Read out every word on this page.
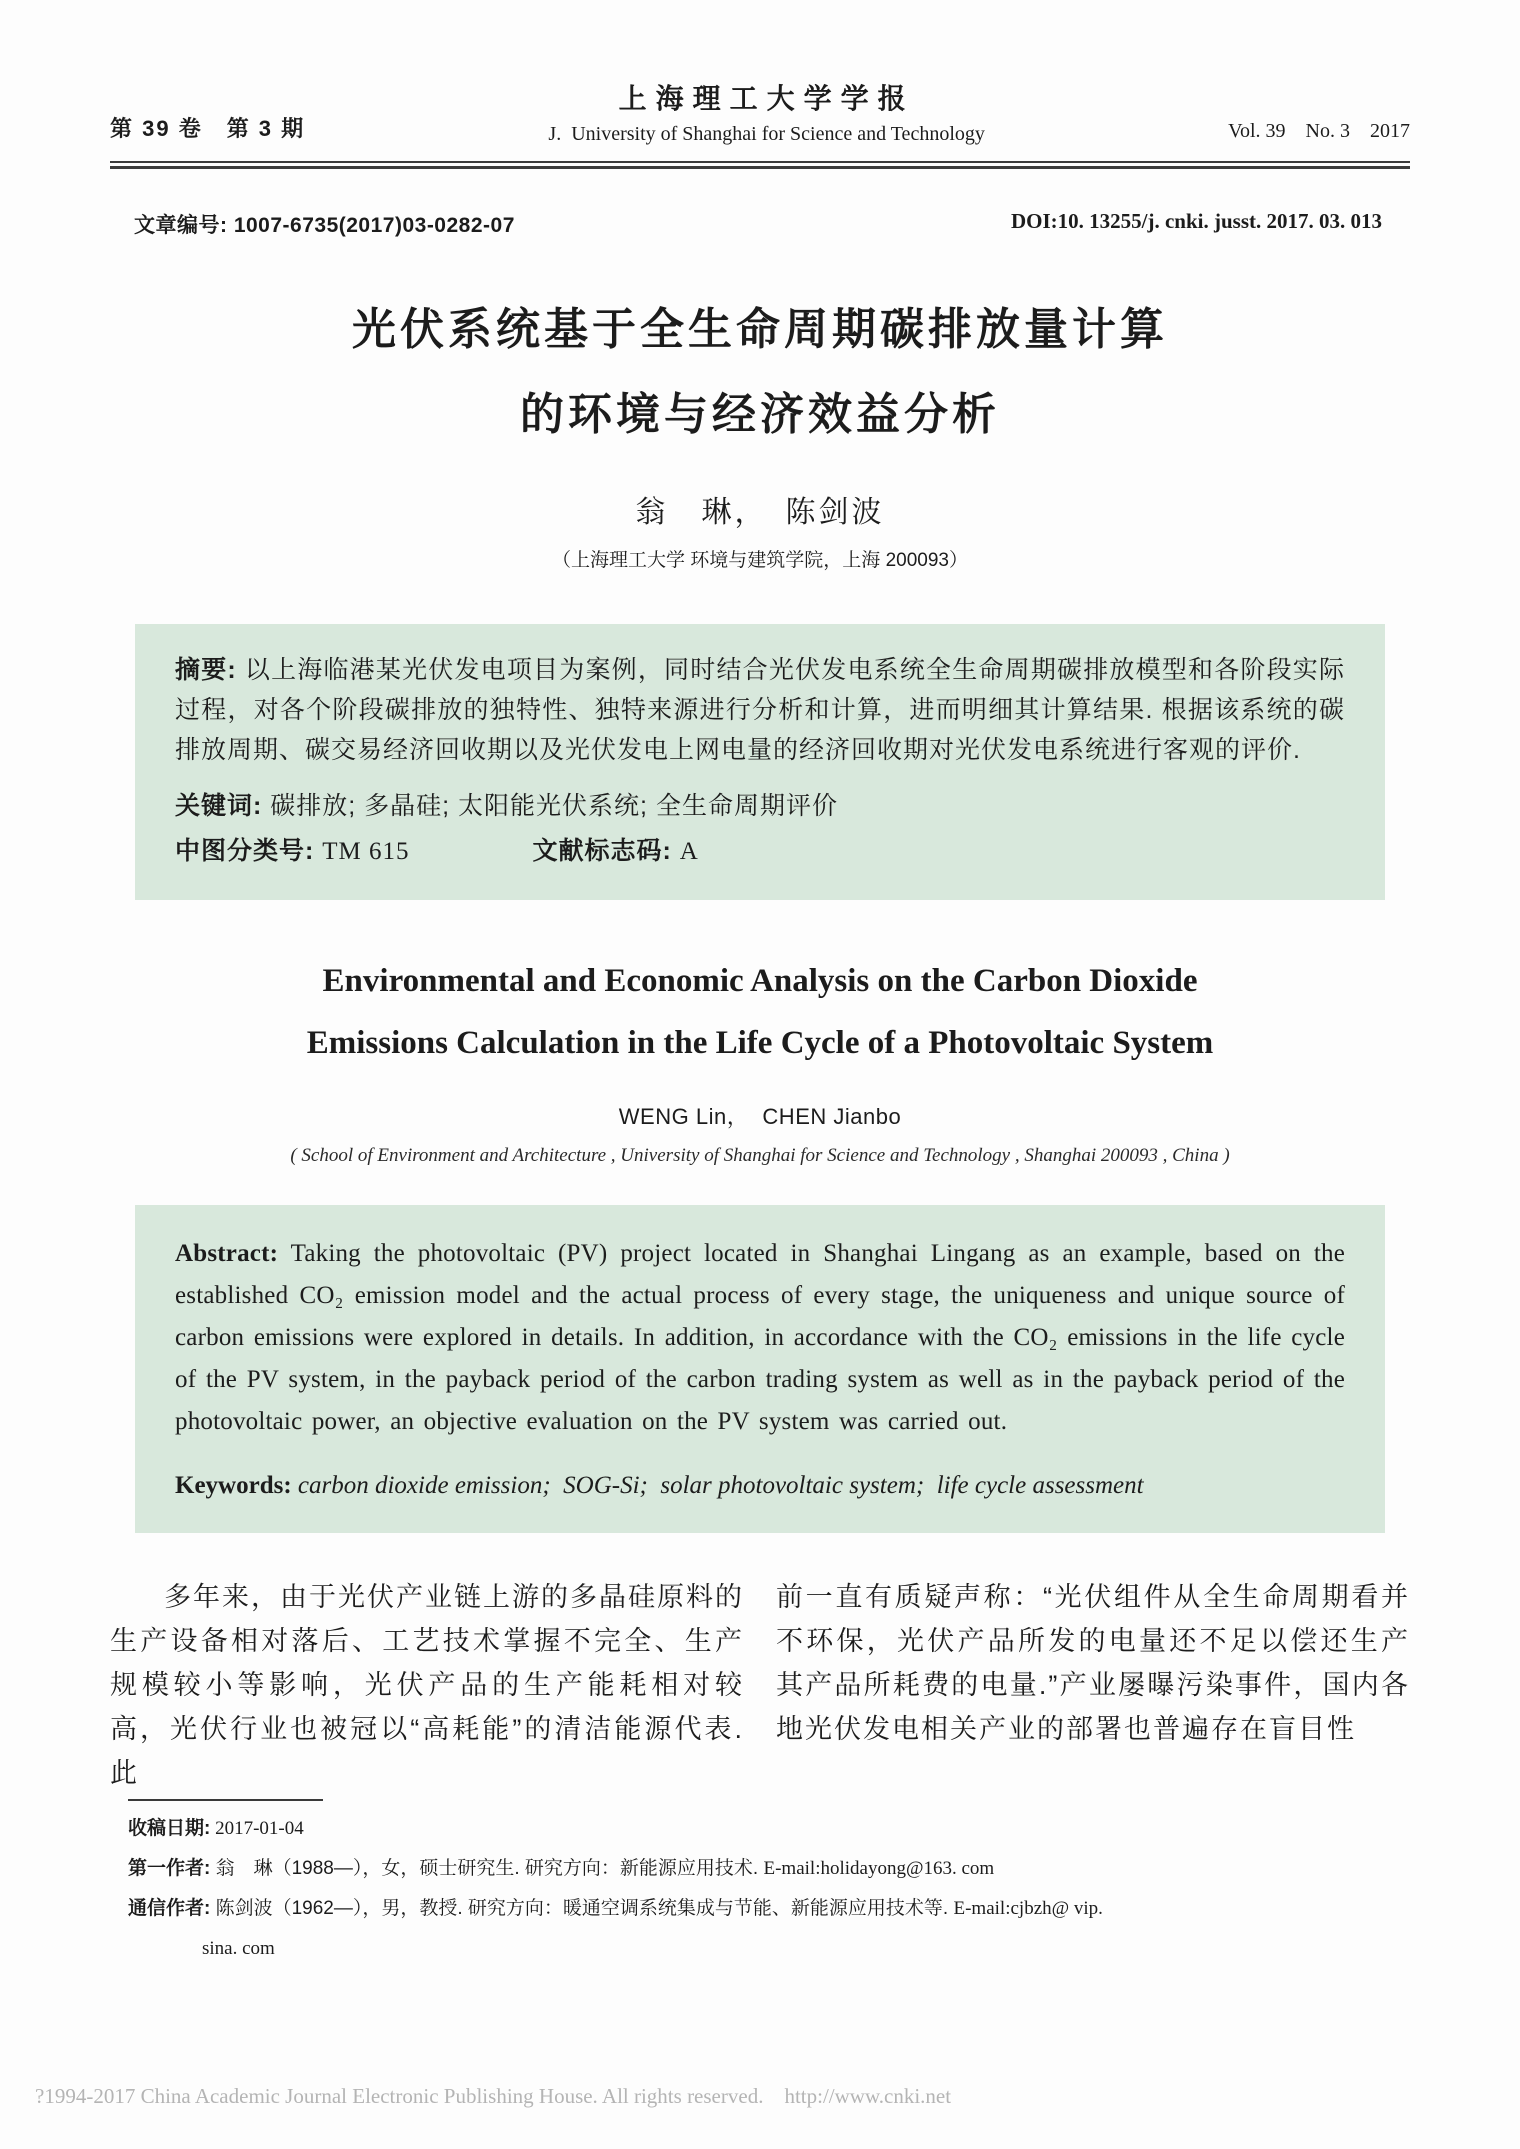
第 39 卷　第 3 期
上海理工大学学报
J.  University of Shanghai for Science and Technology	Vol. 39　No. 3　2017
文章编号: 1007-6735(2017)03-0282-07	DOI:10. 13255/j. cnki. jusst. 2017. 03. 013
光伏系统基于全生命周期碳排放量计算
的环境与经济效益分析
翁　琳，　陈剑波
（上海理工大学 环境与建筑学院，上海 200093）
摘要: 以上海临港某光伏发电项目为案例，同时结合光伏发电系统全生命周期碳排放模型和各阶段实际过程，对各个阶段碳排放的独特性、独特来源进行分析和计算，进而明细其计算结果. 根据该系统的碳排放周期、碳交易经济回收期以及光伏发电上网电量的经济回收期对光伏发电系统进行客观的评价.
关键词: 碳排放; 多晶硅; 太阳能光伏系统; 全生命周期评价
中图分类号: TM 615	文献标志码: A
Environmental and Economic Analysis on the Carbon Dioxide
Emissions Calculation in the Life Cycle of a Photovoltaic System
WENG Lin，  CHEN Jianbo
( School of Environment and Architecture , University of Shanghai for Science and Technology , Shanghai 200093 , China )
Abstract: Taking the photovoltaic (PV) project located in Shanghai Lingang as an example, based on the established CO₂ emission model and the actual process of every stage, the uniqueness and unique source of carbon emissions were explored in details. In addition, in accordance with the CO₂ emissions in the life cycle of the PV system, in the payback period of the carbon trading system as well as in the payback period of the photovoltaic power, an objective evaluation on the PV system was carried out.
Keywords: carbon dioxide emission;  SOG-Si;  solar photovoltaic system;  life cycle assessment

多年来，由于光伏产业链上游的多晶硅原料的生产设备相对落后、工艺技术掌握不完全、生产规模较小等影响，光伏产品的生产能耗相对较高，光伏行业也被冠以“高耗能”的清洁能源代表. 此

前一直有质疑声称：“光伏组件从全生命周期看并不环保，光伏产品所发的电量还不足以偿还生产其产品所耗费的电量.”产业屡曝污染事件，国内各地光伏发电相关产业的部署也普遍存在盲目性

收稿日期: 2017-01-04
第一作者: 翁　琳（1988—），女，硕士研究生. 研究方向：新能源应用技术. E-mail:holidayong@163. com
通信作者: 陈剑波（1962—），男，教授. 研究方向：暖通空调系统集成与节能、新能源应用技术等. E-mail:cjbzh@ vip.
sina. com
?1994-2017 China Academic Journal Electronic Publishing House. All rights reserved.    http://www.cnki.net
